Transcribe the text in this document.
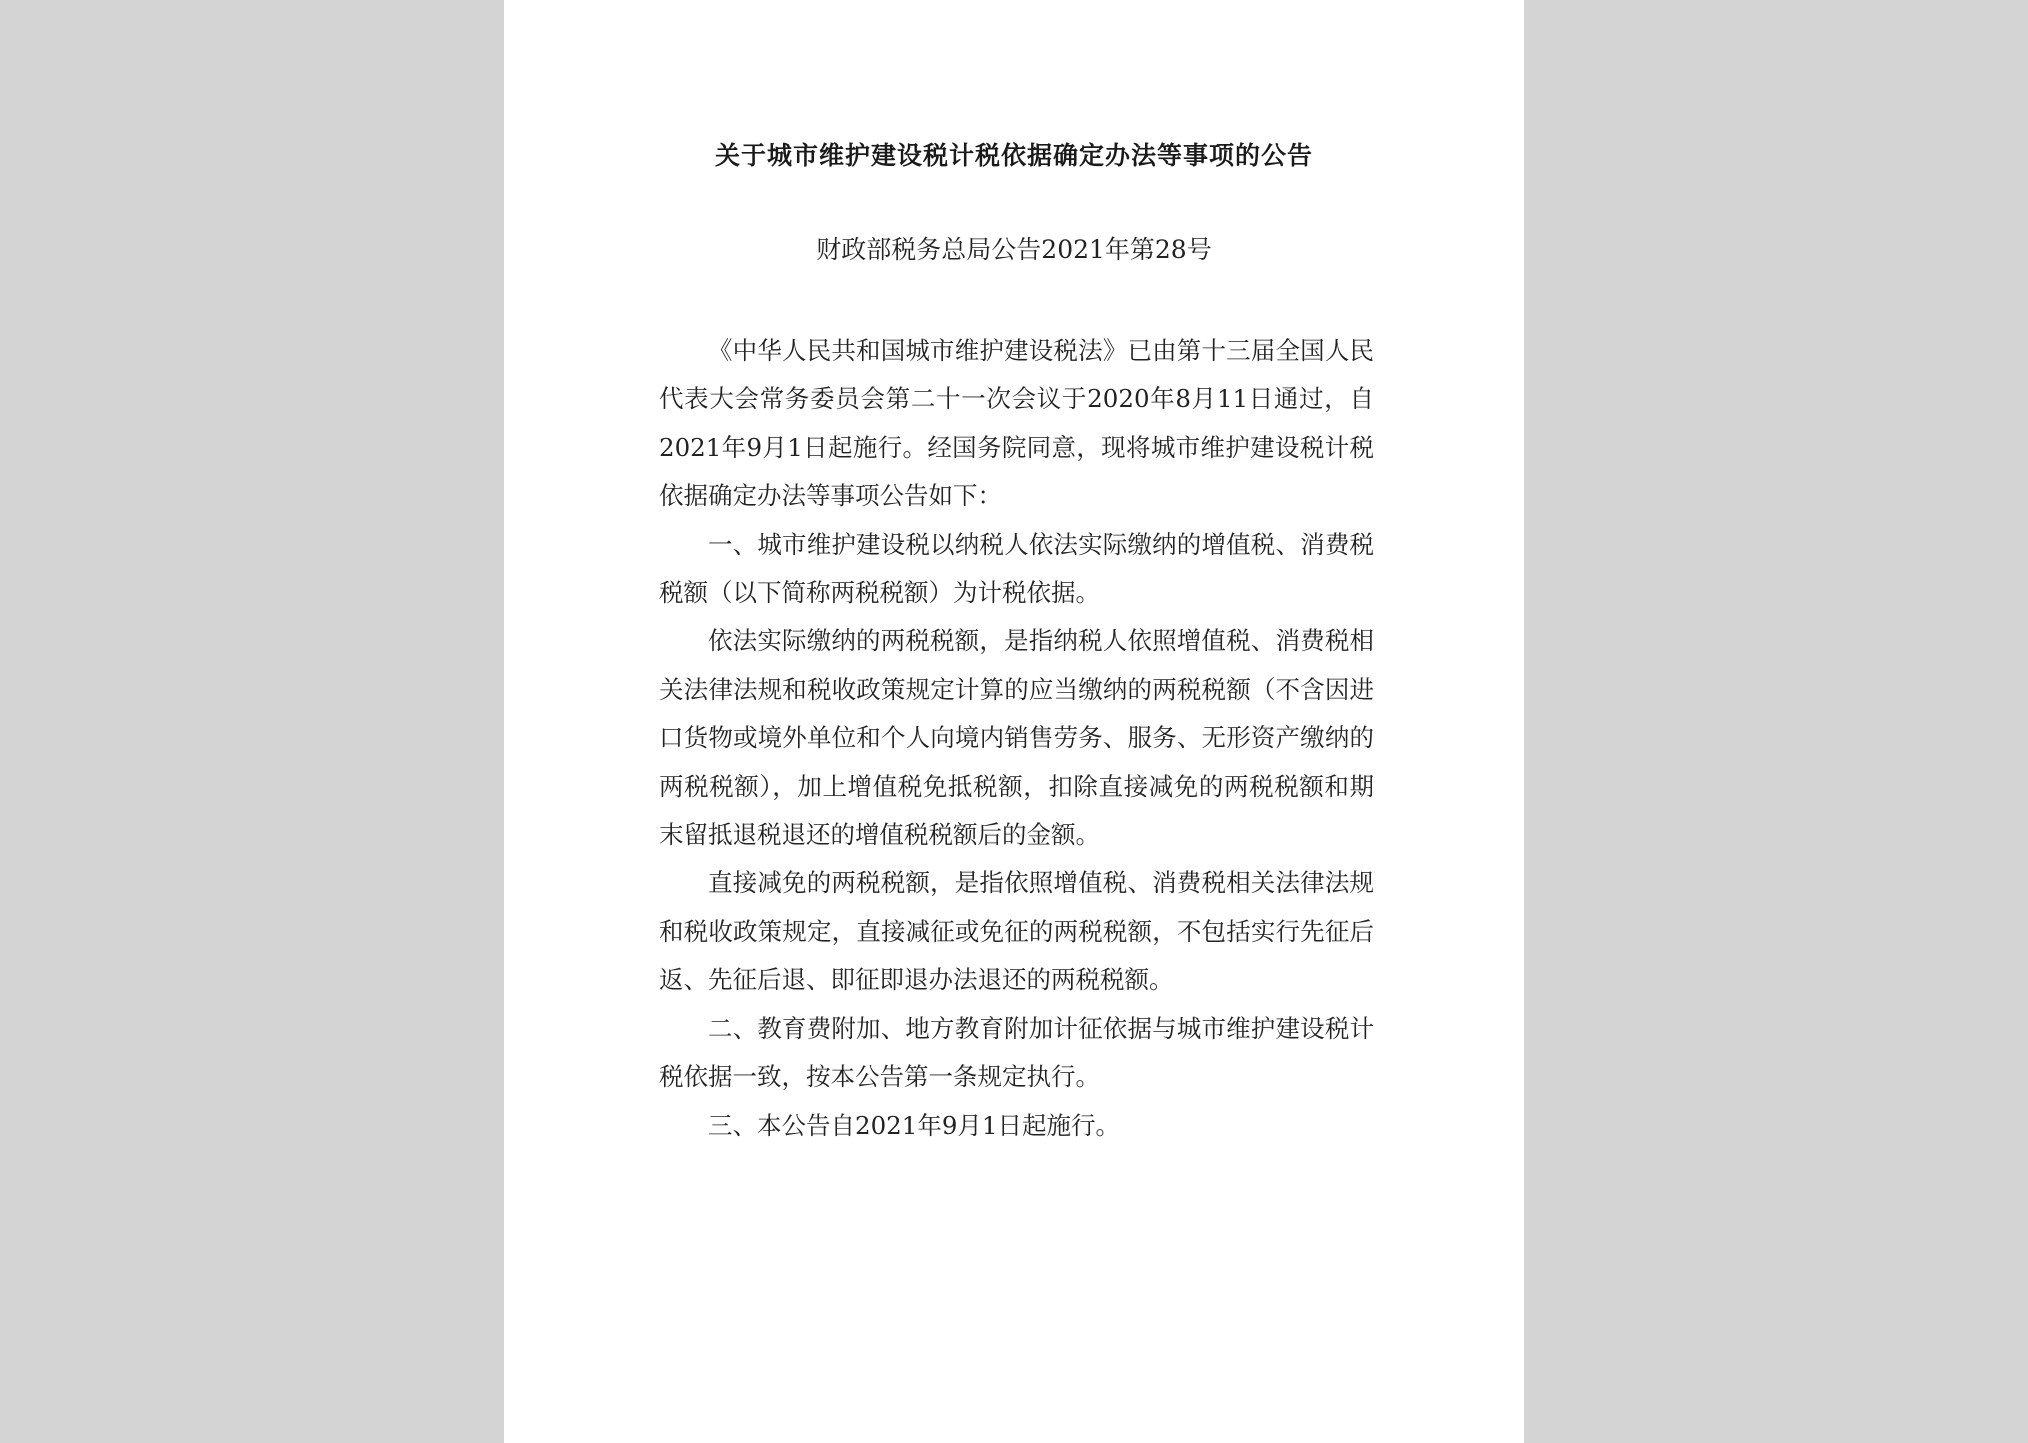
关于城市维护建设税计税依据确定办法等事项的公告
财政部税务总局公告2021年第28号

《中华人民共和国城市维护建设税法》已由第十三届全国人民代表大会常务委员会第二十一次会议于2020年8月11日通过，自2021年9月1日起施行。经国务院同意，现将城市维护建设税计税依据确定办法等事项公告如下：

一、城市维护建设税以纳税人依法实际缴纳的增值税、消费税税额（以下简称两税税额）为计税依据。

依法实际缴纳的两税税额，是指纳税人依照增值税、消费税相关法律法规和税收政策规定计算的应当缴纳的两税税额（不含因进口货物或境外单位和个人向境内销售劳务、服务、无形资产缴纳的两税税额），加上增值税免抵税额，扣除直接减免的两税税额和期末留抵退税退还的增值税税额后的金额。

直接减免的两税税额，是指依照增值税、消费税相关法律法规和税收政策规定，直接减征或免征的两税税额，不包括实行先征后返、先征后退、即征即退办法退还的两税税额。

二、教育费附加、地方教育附加计征依据与城市维护建设税计税依据一致，按本公告第一条规定执行。

三、本公告自2021年9月1日起施行。
